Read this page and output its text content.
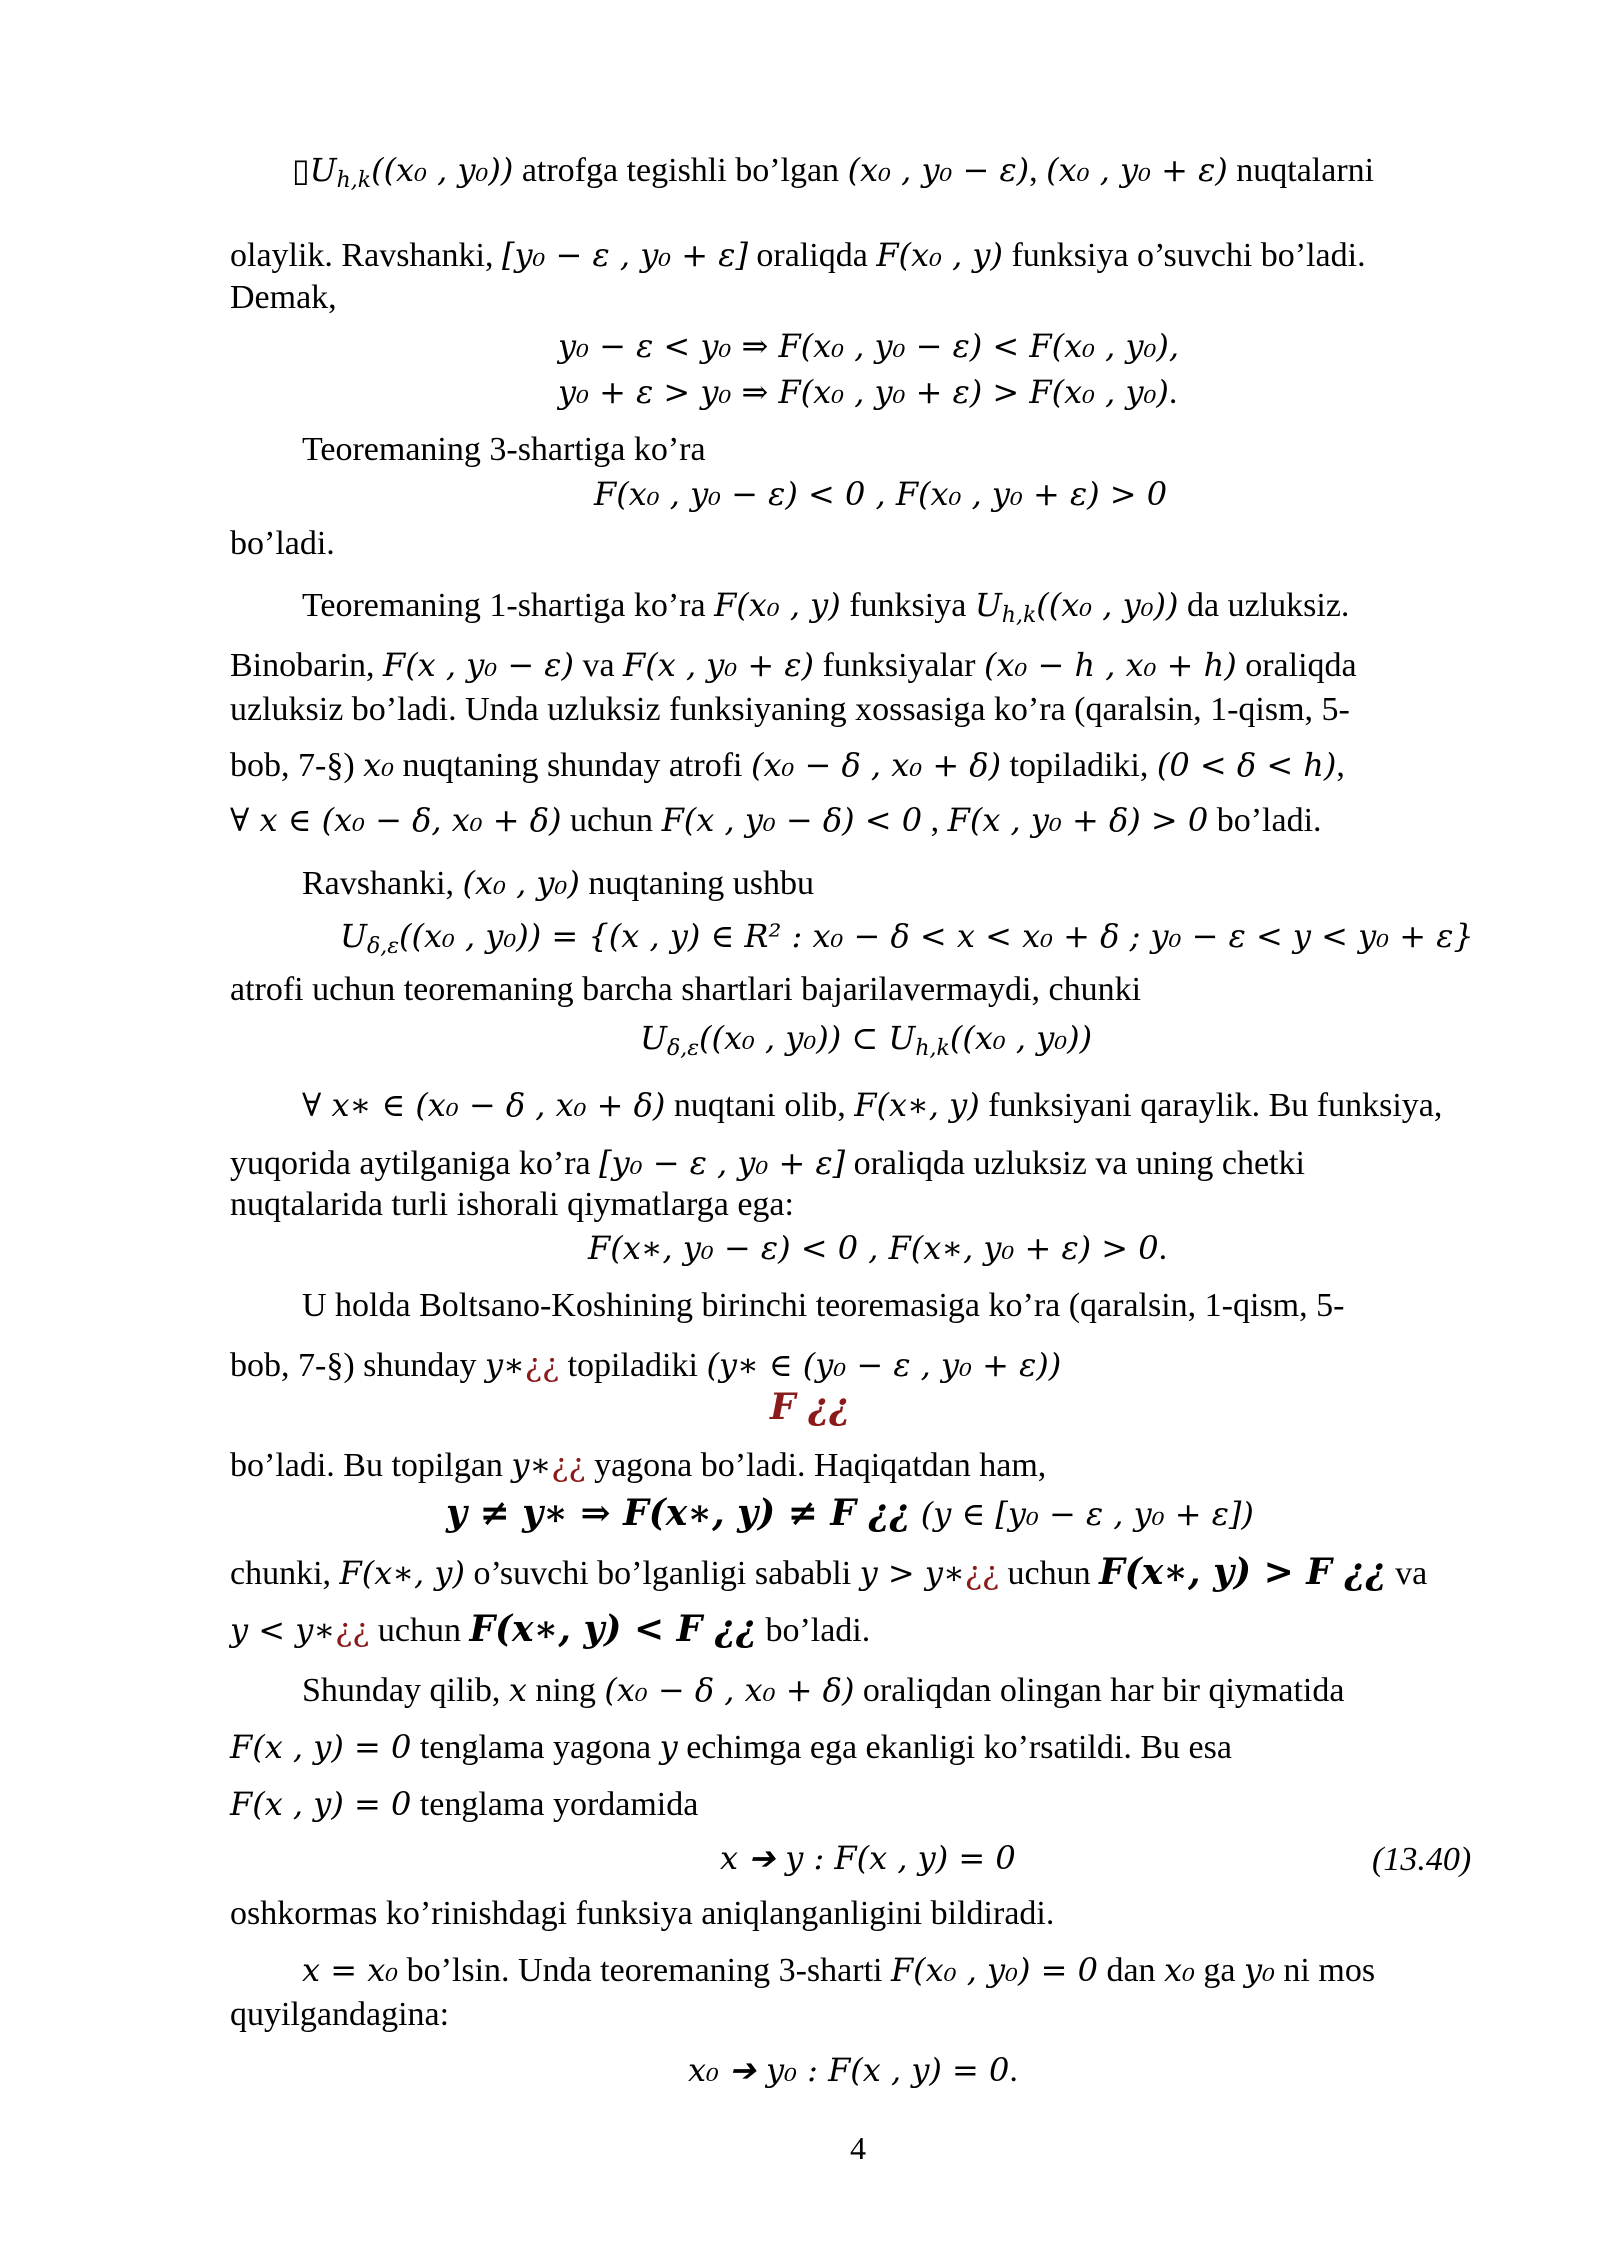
▯Uh,k((x₀ , y₀)) atrofga tegishli bo’lgan (x₀ , y₀ − ε), (x₀ , y₀ + ε) nuqtalarni
olaylik. Ravshanki, [y₀ − ε , y₀ + ε] oraliqda F(x₀ , y) funksiya o’suvchi bo’ladi.
Demak,
y₀ − ε < y₀ ⇒ F(x₀ , y₀ − ε) < F(x₀ , y₀),
y₀ + ε > y₀ ⇒ F(x₀ , y₀ + ε) > F(x₀ , y₀).
Teoremaning 3-shartiga ko’ra
F(x₀ , y₀ − ε) < 0 , F(x₀ , y₀ + ε) > 0
bo’ladi.
Teoremaning 1-shartiga ko’ra F(x₀ , y) funksiya Uh,k((x₀ , y₀)) da uzluksiz.
Binobarin, F(x , y₀ − ε) va F(x , y₀ + ε) funksiyalar (x₀ − h , x₀ + h) oraliqda
uzluksiz bo’ladi. Unda uzluksiz funksiyaning xossasiga ko’ra (qaralsin, 1-qism, 5-
bob, 7-§) x₀ nuqtaning shunday atrofi (x₀ − δ , x₀ + δ) topiladiki, (0 < δ < h),
∀ x ∈ (x₀ − δ, x₀ + δ) uchun F(x , y₀ − δ) < 0 , F(x , y₀ + δ) > 0 bo’ladi.
Ravshanki, (x₀ , y₀) nuqtaning ushbu
Uδ,ε((x₀ , y₀)) = {(x , y) ∈ R² : x₀ − δ < x < x₀ + δ ; y₀ − ε < y < y₀ + ε}
atrofi uchun teoremaning barcha shartlari bajarilavermaydi, chunki
Uδ,ε((x₀ , y₀)) ⊂ Uh,k((x₀ , y₀))
∀ x∗ ∈ (x₀ − δ , x₀ + δ) nuqtani olib, F(x∗, y) funksiyani qaraylik. Bu funksiya,
yuqorida aytilganiga ko’ra [y₀ − ε , y₀ + ε] oraliqda uzluksiz va uning chetki
nuqtalarida turli ishorali qiymatlarga ega:
F(x∗, y₀ − ε) < 0 , F(x∗, y₀ + ε) > 0.
U holda Boltsano-Koshining birinchi teoremasiga ko’ra (qaralsin, 1-qism, 5-
bob, 7-§) shunday y∗¿¿ topiladiki (y∗ ∈ (y₀ − ε , y₀ + ε))
F ¿¿
bo’ladi. Bu topilgan y∗¿¿ yagona bo’ladi. Haqiqatdan ham,
y ≠ y∗ ⇒ F(x∗, y) ≠ F ¿¿ (y ∈ [y₀ − ε , y₀ + ε])
chunki, F(x∗, y) o’suvchi bo’lganligi sababli y > y∗¿¿ uchun F(x∗, y) > F ¿¿ va
y < y∗¿¿ uchun F(x∗, y) < F ¿¿ bo’ladi.
Shunday qilib, x ning (x₀ − δ , x₀ + δ) oraliqdan olingan har bir qiymatida
F(x , y) = 0 tenglama yagona y echimga ega ekanligi ko’rsatildi. Bu esa
F(x , y) = 0 tenglama yordamida
x ➔ y : F(x , y) = 0
oshkormas ko’rinishdagi funksiya aniqlanganligini bildiradi.
x = x₀ bo’lsin. Unda teoremaning 3-sharti F(x₀ , y₀) = 0 dan x₀ ga y₀ ni mos
quyilgandagina:
x₀ ➔ y₀ : F(x , y) = 0.
(13.40)
4
